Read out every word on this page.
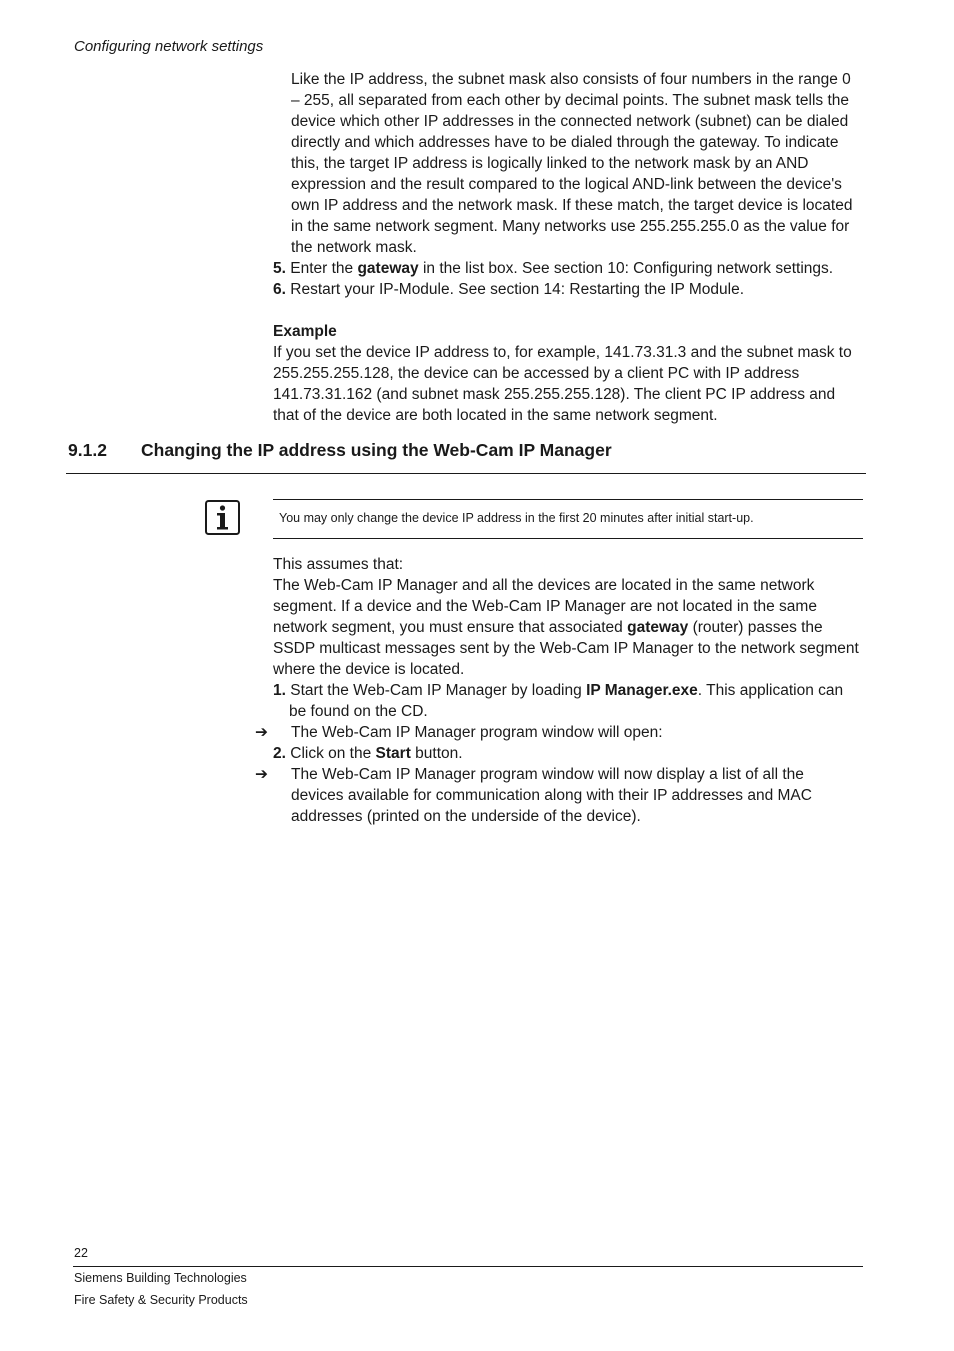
Configuring network settings
Like the IP address, the subnet mask also consists of four numbers in the range 0 – 255, all separated from each other by decimal points. The subnet mask tells the device which other IP addresses in the connected network (subnet) can be dialed directly and which addresses have to be dialed through the gateway. To indicate this, the target IP address is logically linked to the network mask by an AND expression and the result compared to the logical AND-link between the device's own IP address and the network mask. If these match, the target device is located in the same network segment. Many networks use 255.255.255.0 as the value for the network mask.
5. Enter the gateway in the list box. See section 10: Configuring network settings.
6. Restart your IP-Module. See section 14: Restarting the IP Module.
Example
If you set the device IP address to, for example, 141.73.31.3 and the subnet mask to 255.255.255.128, the device can be accessed by a client PC with IP address 141.73.31.162 (and subnet mask 255.255.255.128). The client PC IP address and that of the device are both located in the same network segment.
9.1.2 Changing the IP address using the Web-Cam IP Manager
You may only change the device IP address in the first 20 minutes after initial start-up.
This assumes that:
The Web-Cam IP Manager and all the devices are located in the same network segment. If a device and the Web-Cam IP Manager are not located in the same network segment, you must ensure that associated gateway (router) passes the SSDP multicast messages sent by the Web-Cam IP Manager to the network segment where the device is located.
1. Start the Web-Cam IP Manager by loading IP Manager.exe. This application can be found on the CD.
➔ The Web-Cam IP Manager program window will open:
2. Click on the Start button.
➔ The Web-Cam IP Manager program window will now display a list of all the devices available for communication along with their IP addresses and MAC addresses (printed on the underside of the device).
22
Siemens Building Technologies
Fire Safety & Security Products
